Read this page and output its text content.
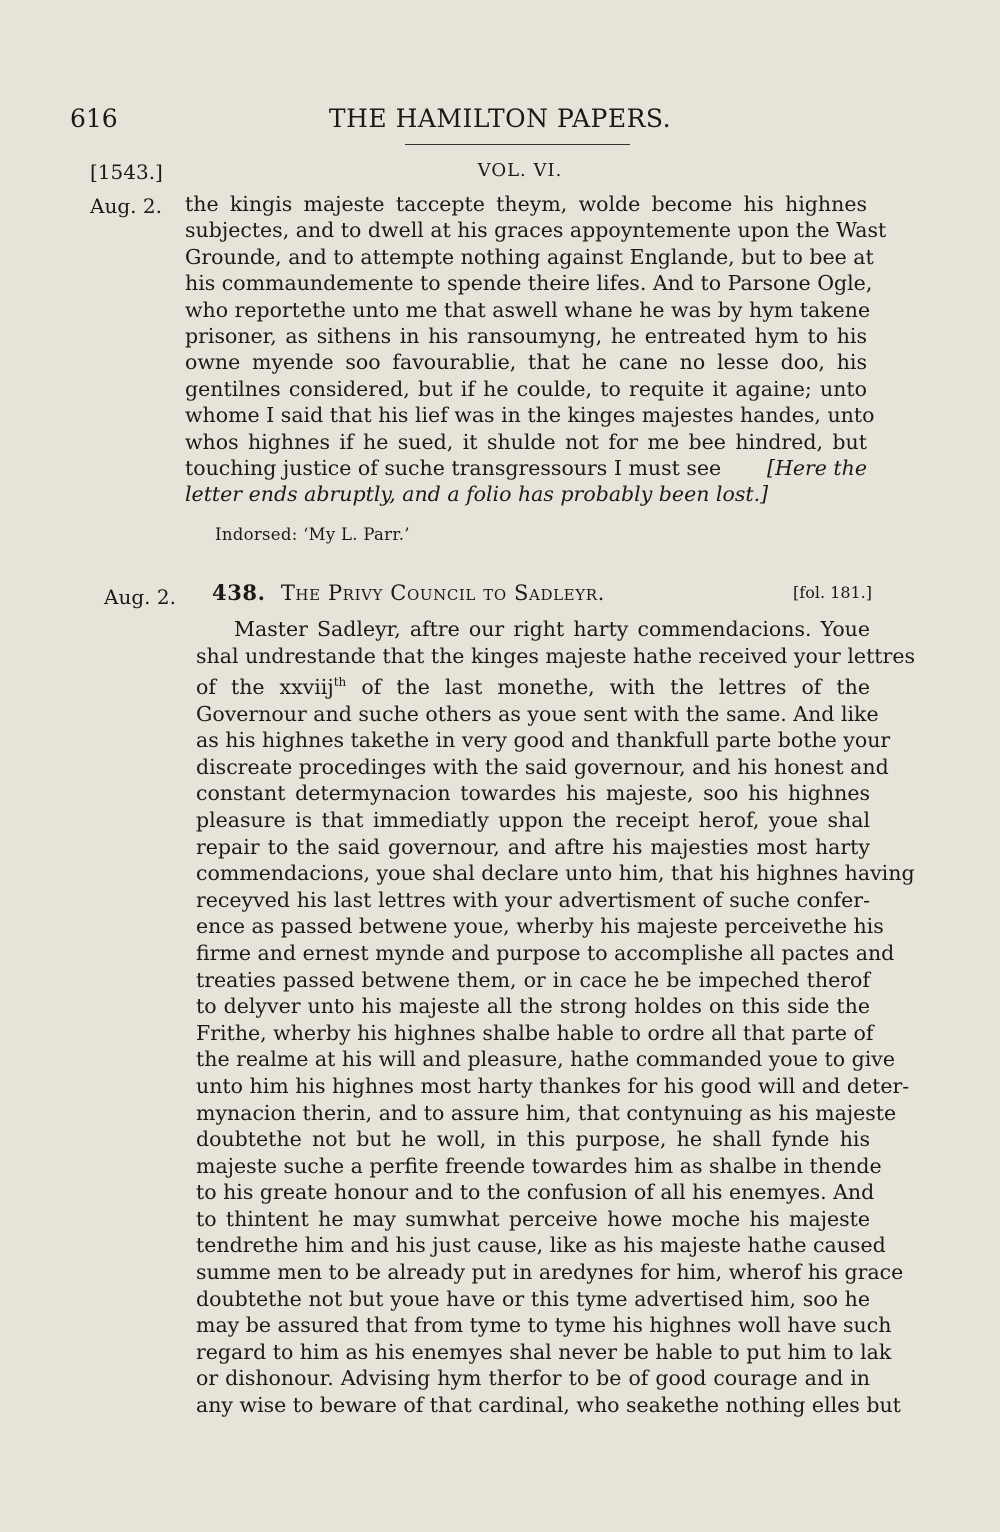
616	THE HAMILTON PAPERS.
[1543.]	VOL. VI.
Aug. 2. the kingis majeste taccepte theym, wolde become his highnes
subjectes, and to dwell at his graces appoyntemente upon the Wast
Grounde, and to attempte nothing against Englande, but to bee at
his commaundemente to spende theire lifes. And to Parsone Ogle,
who reportethe unto me that aswell whane he was by hym takene
prisoner, as sithens in his ransoumyng, he entreated hym to his
owne myende soo favourablie, that he cane no lesse doo, his
gentilnes considered, but if he coulde, to requite it againe; unto
whome I said that his lief was in the kinges majestes handes, unto
whos highnes if he sued, it shulde not for me bee hindred, but
touching justice of suche transgressours I must see [Here the
letter ends abruptly, and a folio has probably been lost.]
Indorsed: ‘My L. Parr.’
Aug. 2. 438. The Privy Council to Sadleyr.	[fol. 181.]
Master Sadleyr, aftre our right harty commendacions. Youe
shal undrestande that the kinges majeste hathe received your lettres
of the xxviij$^{th}$ of the last monethe, with the lettres of the
Governour and suche others as youe sent with the same. And like
as his highnes takethe in very good and thankfull parte bothe your
discreate procedinges with the said governour, and his honest and
constant determynacion towardes his majeste, soo his highnes
pleasure is that immediatly uppon the receipt herof, youe shal
repair to the said governour, and aftre his majesties most harty
commendacions, youe shal declare unto him, that his highnes having
receyved his last lettres with your advertisment of suche confer-
ence as passed betwene youe, wherby his majeste perceivethe his
firme and ernest mynde and purpose to accomplishe all pactes and
treaties passed betwene them, or in cace he be impeched therof
to delyver unto his majeste all the strong holdes on this side the
Frithe, wherby his highnes shalbe hable to ordre all that parte of
the realme at his will and pleasure, hathe commanded youe to give
unto him his highnes most harty thankes for his good will and deter-
mynacion therin, and to assure him, that contynuing as his majeste
doubtethe not but he woll, in this purpose, he shall fynde his
majeste suche a perfite freende towardes him as shalbe in thende
to his greate honour and to the confusion of all his enemyes. And
to thintent he may sumwhat perceive howe moche his majeste
tendrethe him and his just cause, like as his majeste hathe caused
summe men to be already put in aredynes for him, wherof his grace
doubtethe not but youe have or this tyme advertised him, soo he
may be assured that from tyme to tyme his highnes woll have such
regard to him as his enemyes shal never be hable to put him to lak
or dishonour. Advising hym therfor to be of good courage and in
any wise to beware of that cardinal, who seakethe nothing elles but
